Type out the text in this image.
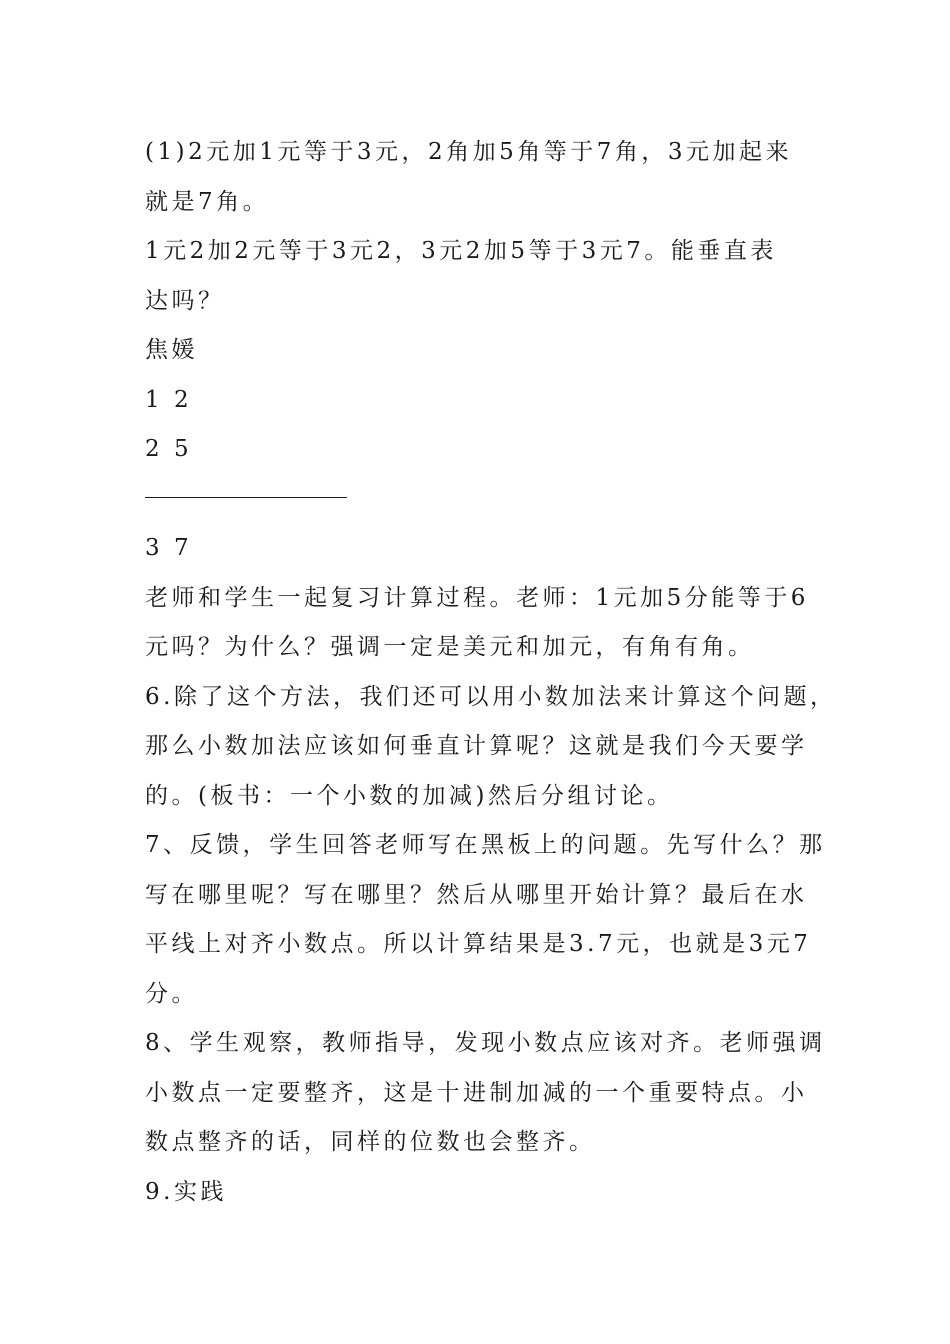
(1)2元加1元等于3元，2角加5角等于7角，3元加起来
就是7角。
1元2加2元等于3元2，3元2加5等于3元7。能垂直表
达吗？
焦媛
1 2
2 5
3 7
老师和学生一起复习计算过程。老师：1元加5分能等于6
元吗？为什么？强调一定是美元和加元，有角有角。
6.除了这个方法，我们还可以用小数加法来计算这个问题，
那么小数加法应该如何垂直计算呢？这就是我们今天要学
的。(板书：一个小数的加减)然后分组讨论。
7、反馈，学生回答老师写在黑板上的问题。先写什么？那
写在哪里呢？写在哪里？然后从哪里开始计算？最后在水
平线上对齐小数点。所以计算结果是3.7元，也就是3元7
分。
8、学生观察，教师指导，发现小数点应该对齐。老师强调
小数点一定要整齐，这是十进制加减的一个重要特点。小
数点整齐的话，同样的位数也会整齐。
9.实践
